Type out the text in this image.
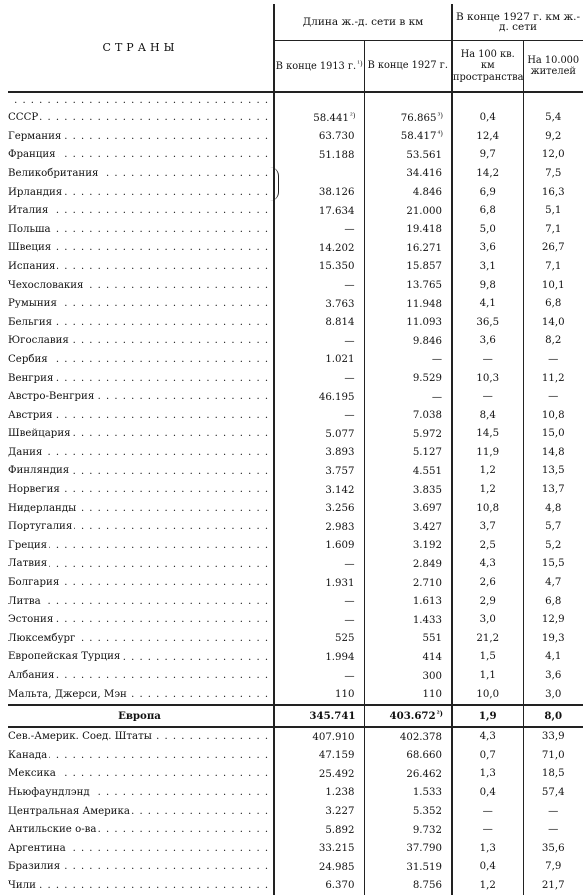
СТРАНЫ	Длина ж.-д. сети в км		В конце 1927 г. км ж.-д. сети	
	В конце 1913 г.$^{^1)}$	В конце 1927 г.	На 100 кв. км пространства	На 10.000 жителей
. . .				
СССР . . .	58.441$^{^2)}$	76.865$^{^3)}$	0,4	5,4
Германия . . .	63.730	58.417$^{^4)}$	12,4	9,2
Франция . . .	51.188	53.561	9,7	12,0
Великобритания . . .		34.416	14,2	7,5
Ирландия . . .	38.126	4.846	6,9	16,3
Италия . . .	17.634	21.000	6,8	5,1
Польша . . .	—	19.418	5,0	7,1
Швеция . . .	14.202	16.271	3,6	26,7
Испания . . .	15.350	15.857	3,1	7,1
Чехословакия . . .	—	13.765	9,8	10,1
Румыния . . .	3.763	11.948	4,1	6,8
Бельгия . . .	8.814	11.093	36,5	14,0
Югославия . . .	—	9.846	3,6	8,2
Сербия . . .	1.021	—	—	—
Венгрия . . .	—	9.529	10,3	11,2
Австро-Венгрия . . .	46.195	—	—	—
Австрия . . .	—	7.038	8,4	10,8
Швейцария . . .	5.077	5.972	14,5	15,0
Дания . . .	3.893	5.127	11,9	14,8
Финляндия . . .	3.757	4.551	1,2	13,5
Норвегия . . .	3.142	3.835	1,2	13,7
Нидерланды . . .	3.256	3.697	10,8	4,8
Португалия . . .	2.983	3.427	3,7	5,7
Греция . . .	1.609	3.192	2,5	5,2
Латвия . . .	—	2.849	4,3	15,5
Болгария . . .	1.931	2.710	2,6	4,7
Литва . . .	—	1.613	2,9	6,8
Эстония . . .	—	1.433	3,0	12,9
Люксембург . . .	525	551	21,2	19,3
Европейская Турция . . .	1.994	414	1,5	4,1
Албания . . .	—	300	1,1	3,6
Мальта, Джерси, Мэн . . .	110	110	10,0	3,0
Европа	345.741	403.672$^{^2)}$	1,9	8,0
Сев.-Америк. Соед. Штаты . . .	407.910	402.378	4,3	33,9
Канада . . .	47.159	68.660	0,7	71,0
Мексика . . .	25.492	26.462	1,3	18,5
Ньюфаундлэнд . . .	1.238	1.533	0,4	57,4
Центральная Америка . . .	3.227	5.352	—	—
Антильские о-ва . . .	5.892	9.732	—	—
Аргентина . . .	33.215	37.790	1,3	35,6
Бразилия . . .	24.985	31.519	0,4	7,9
Чили . . .	6.370	8.756	1,2	21,7
